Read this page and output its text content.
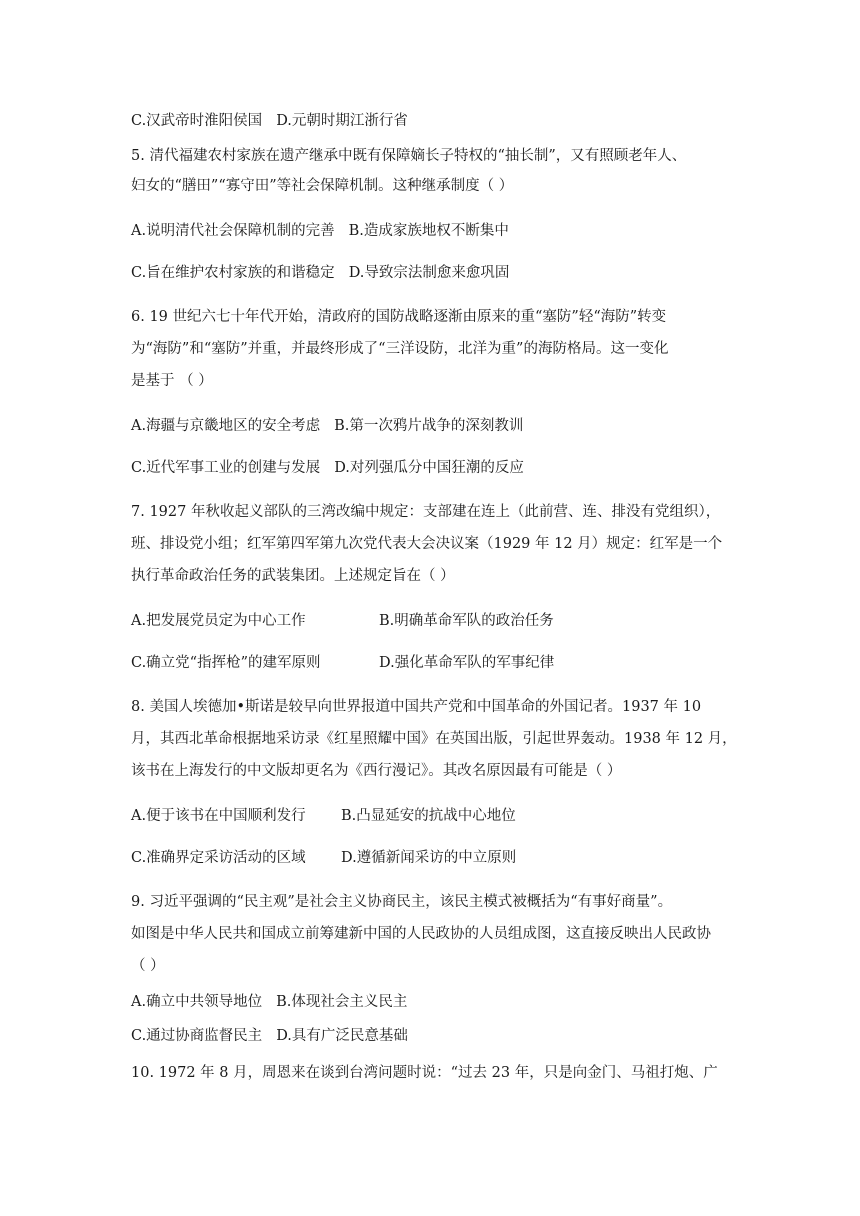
C.汉武帝时淮阳侯国 D.元朝时期江浙行省
5. 清代福建农村家族在遗产继承中既有保障嫡长子特权的“抽长制”，又有照顾老年人、
妇女的“膳田”“寡守田”等社会保障机制。这种继承制度（ ）
A.说明清代社会保障机制的完善 B.造成家族地权不断集中
C.旨在维护农村家族的和谐稳定 D.导致宗法制愈来愈巩固
6. 19 世纪六七十年代开始，清政府的国防战略逐渐由原来的重“塞防”轻“海防”转变
为“海防”和“塞防”并重，并最终形成了“三洋设防，北洋为重”的海防格局。这一变化
是基于 （ ）
A.海疆与京畿地区的安全考虑 B.第一次鸦片战争的深刻教训
C.近代军事工业的创建与发展 D.对列强瓜分中国狂潮的反应
7. 1927 年秋收起义部队的三湾改编中规定：支部建在连上（此前营、连、排没有党组织），
班、排设党小组；红军第四军第九次党代表大会决议案（1929 年 12 月）规定：红军是一个
执行革命政治任务的武装集团。上述规定旨在（ ）
A.把发展党员定为中心工作	B.明确革命军队的政治任务
C.确立党“指挥枪”的建军原则	D.强化革命军队的军事纪律
8. 美国人埃德加•斯诺是较早向世界报道中国共产党和中国革命的外国记者。1937 年 10
月，其西北革命根据地采访录《红星照耀中国》在英国出版，引起世界轰动。1938 年 12 月，
该书在上海发行的中文版却更名为《西行漫记》。其改名原因最有可能是（ ）
A.便于该书在中国顺利发行 B.凸显延安的抗战中心地位
C.准确界定采访活动的区域 D.遵循新闻采访的中立原则
9. 习近平强调的“民主观”是社会主义协商民主，该民主模式被概括为“有事好商量”。
如图是中华人民共和国成立前筹建新中国的人民政协的人员组成图，这直接反映出人民政协
（ ）
A.确立中共领导地位 B.体现社会主义民主
C.通过协商监督民主 D.具有广泛民意基础
10. 1972 年 8 月，周恩来在谈到台湾问题时说：“过去 23 年，只是向金门、马祖打炮、广
